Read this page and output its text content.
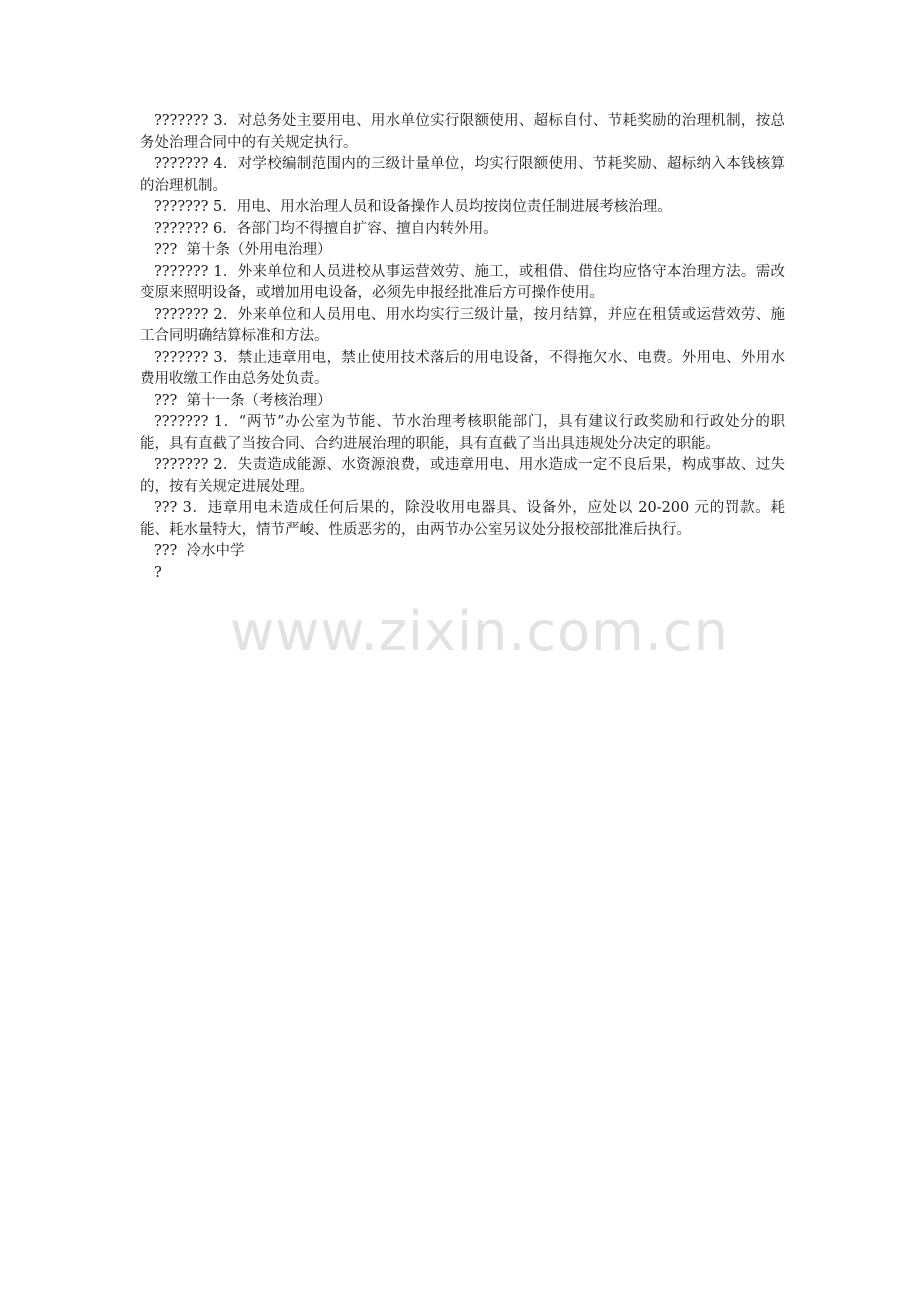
??????? 3．对总务处主要用电、用水单位实行限额使用、超标自付、节耗奖励的治理机制，按总务处治理合同中的有关规定执行。

??????? 4．对学校编制范围内的三级计量单位，均实行限额使用、节耗奖励、超标纳入本钱核算的治理机制。

??????? 5．用电、用水治理人员和设备操作人员均按岗位责任制进展考核治理。

??????? 6．各部门均不得擅自扩容、擅自内转外用。

???  第十条（外用电治理）

??????? 1．外来单位和人员进校从事运营效劳、施工，或租借、借住均应恪守本治理方法。需改变原来照明设备，或增加用电设备，必须先申报经批准后方可操作使用。

??????? 2．外来单位和人员用电、用水均实行三级计量，按月结算，并应在租赁或运营效劳、施工合同明确结算标准和方法。

??????? 3．禁止违章用电，禁止使用技术落后的用电设备，不得拖欠水、电费。外用电、外用水费用收缴工作由总务处负责。

???  第十一条（考核治理）

??????? 1．“两节”办公室为节能、节水治理考核职能部门，具有建议行政奖励和行政处分的职能，具有直截了当按合同、合约进展治理的职能，具有直截了当出具违规处分决定的职能。

??????? 2．失责造成能源、水资源浪费，或违章用电、用水造成一定不良后果，构成事故、过失的，按有关规定进展处理。

??? 3．违章用电未造成任何后果的，除没收用电器具、设备外，应处以 20-200 元的罚款。耗能、耗水量特大，情节严峻、性质恶劣的，由两节办公室另议处分报校部批准后执行。

???  冷水中学

?

www.zixin.com.cn
